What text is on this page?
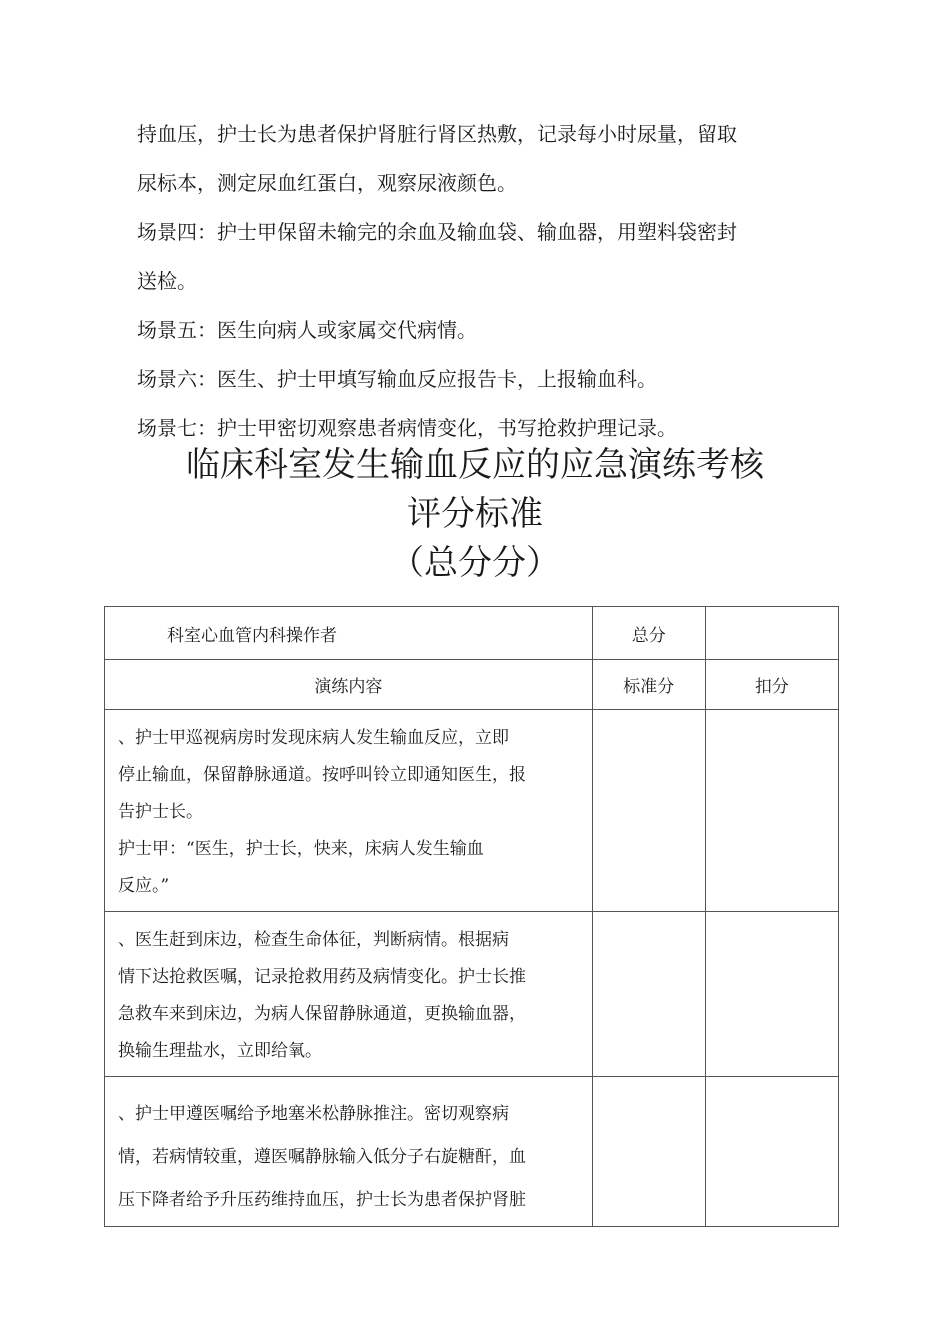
持血压，护士长为患者保护肾脏行肾区热敷，记录每小时尿量，留取
尿标本，测定尿血红蛋白，观察尿液颜色。
场景四：护士甲保留未输完的余血及输血袋、输血器，用塑料袋密封
送检。
场景五：医生向病人或家属交代病情。
场景六：医生、护士甲填写输血反应报告卡，上报输血科。
场景七：护士甲密切观察患者病情变化，书写抢救护理记录。
临床科室发生输血反应的应急演练考核
评分标准
（总分分）
科室心血管内科操作者	总分	
演练内容	标准分	扣分

、护士甲巡视病房时发现床病人发生输血反应，立即
停止输血，保留静脉通道。按呼叫铃立即通知医生，报
告护士长。
护士甲：“医生，护士长，快来，床病人发生输血
反应。”		

、医生赶到床边，检查生命体征，判断病情。根据病
情下达抢救医嘱，记录抢救用药及病情变化。护士长推
急救车来到床边，为病人保留静脉通道，更换输血器，
换输生理盐水，立即给氧。		

、护士甲遵医嘱给予地塞米松静脉推注。密切观察病
情，若病情较重，遵医嘱静脉输入低分子右旋糖酐，血
压下降者给予升压药维持血压，护士长为患者保护肾脏		
